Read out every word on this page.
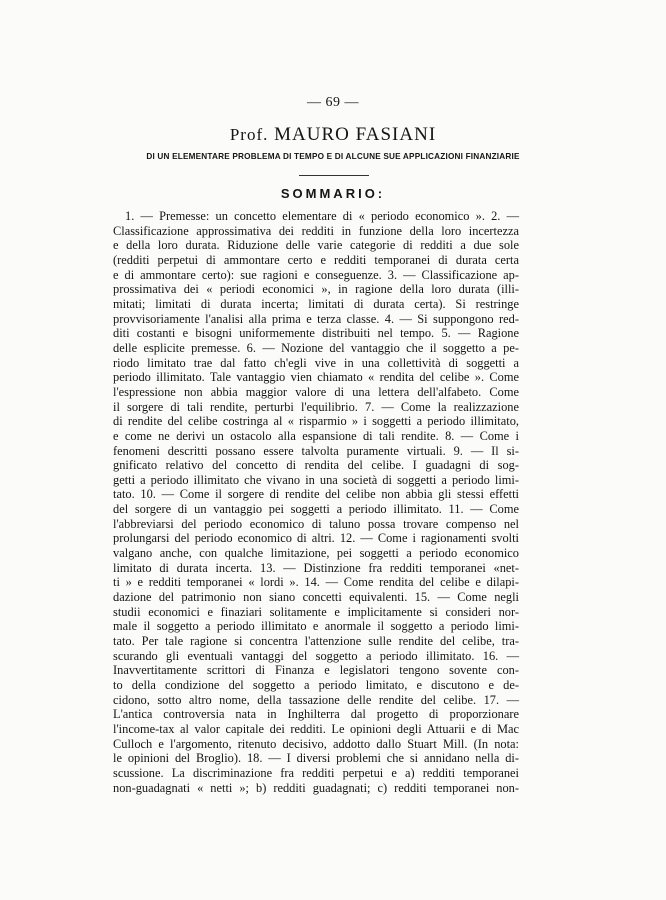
— 69 —
Prof. MAURO FASIANI
DI UN ELEMENTARE PROBLEMA DI TEMPO E DI ALCUNE SUE APPLICAZIONI FINANZIARIE
SOMMARIO:
1. — Premesse: un concetto elementare di « periodo economico ». 2. —
Classificazione approssimativa dei redditi in funzione della loro incertezza
e della loro durata. Riduzione delle varie categorie di redditi a due sole
(redditi perpetui di ammontare certo e redditi temporanei di durata certa
e di ammontare certo): sue ragioni e conseguenze. 3. — Classificazione ap-
prossimativa dei « periodi economici », in ragione della loro durata (illi-
mitati; limitati di durata incerta; limitati di durata certa). Si restringe
provvisoriamente l'analisi alla prima e terza classe. 4. — Si suppongono red-
diti costanti e bisogni uniformemente distribuiti nel tempo. 5. — Ragione
delle esplicite premesse. 6. — Nozione del vantaggio che il soggetto a pe-
riodo limitato trae dal fatto ch'egli vive in una collettività di soggetti a
periodo illimitato. Tale vantaggio vien chiamato « rendita del celibe ». Come
l'espressione non abbia maggior valore di una lettera dell'alfabeto. Come
il sorgere di tali rendite, perturbi l'equilibrio. 7. — Come la realizzazione
di rendite del celibe costringa al « risparmio » i soggetti a periodo illimitato,
e come ne derivi un ostacolo alla espansione di tali rendite. 8. — Come i
fenomeni descritti possano essere talvolta puramente virtuali. 9. — Il si-
gnificato relativo del concetto di rendita del celibe. I guadagni di sog-
getti a periodo illimitato che vivano in una società di soggetti a periodo limi-
tato. 10. — Come il sorgere di rendite del celibe non abbia gli stessi effetti
del sorgere di un vantaggio pei soggetti a periodo illimitato. 11. — Come
l'abbreviarsi del periodo economico di taluno possa trovare compenso nel
prolungarsi del periodo economico di altri. 12. — Come i ragionamenti svolti
valgano anche, con qualche limitazione, pei soggetti a periodo economico
limitato di durata incerta. 13. — Distinzione fra redditi temporanei «net-
ti » e redditi temporanei « lordi ». 14. — Come rendita del celibe e dilapi-
dazione del patrimonio non siano concetti equivalenti. 15. — Come negli
studii economici e finaziari solitamente e implicitamente si consideri nor-
male il soggetto a periodo illimitato e anormale il soggetto a periodo limi-
tato. Per tale ragione si concentra l'attenzione sulle rendite del celibe, tra-
scurando gli eventuali vantaggi del soggetto a periodo illimitato. 16. —
Inavvertitamente scrittori di Finanza e legislatori tengono sovente con-
to della condizione del soggetto a periodo limitato, e discutono e de-
cidono, sotto altro nome, della tassazione delle rendite del celibe. 17. —
L'antica controversia nata in Inghilterra dal progetto di proporzionare
l'income-tax al valor capitale dei redditi. Le opinioni degli Attuarii e di Mac
Culloch e l'argomento, ritenuto decisivo, addotto dallo Stuart Mill. (In nota:
le opinioni del Broglio). 18. — I diversi problemi che si annidano nella di-
scussione. La discriminazione fra redditi perpetui e a) redditi temporanei
non-guadagnati « netti »; b) redditi guadagnati; c) redditi temporanei non-
